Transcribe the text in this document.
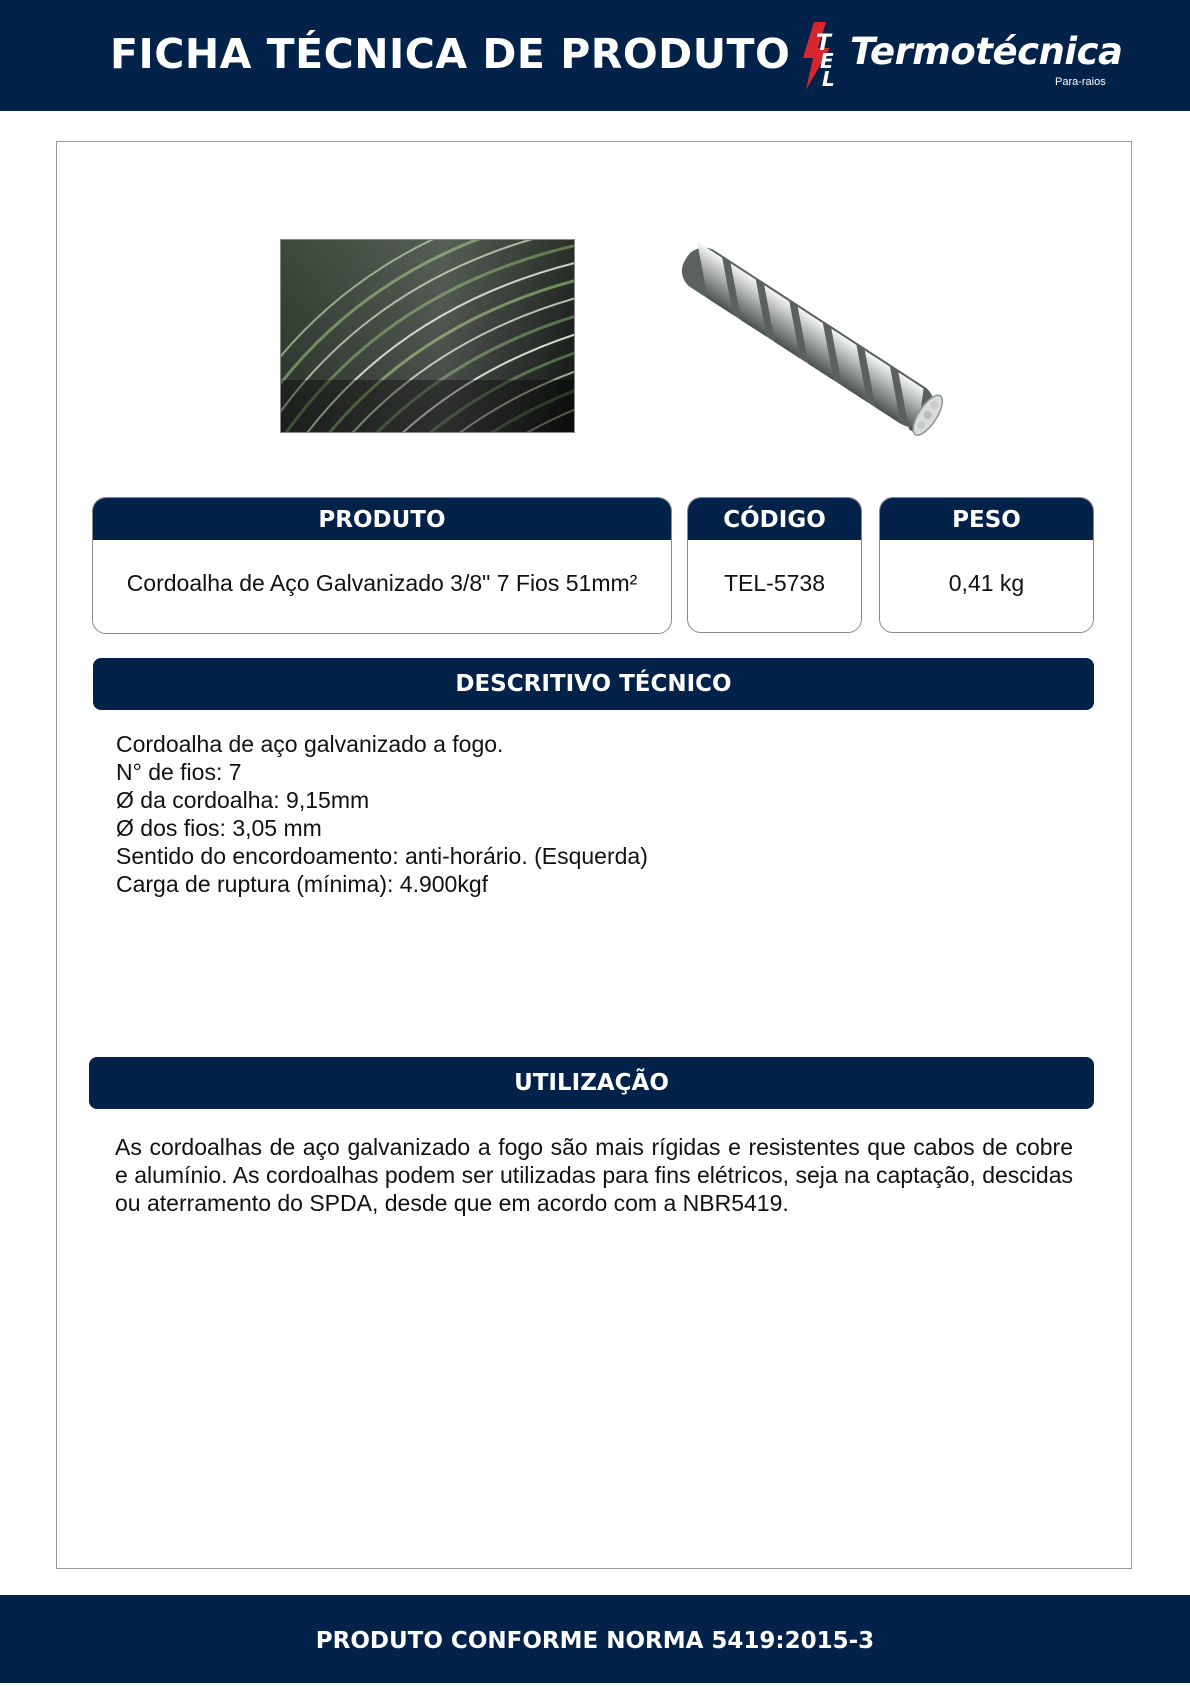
FICHA TÉCNICA DE PRODUTO T
E
L
Termotécnica
Para-raios
PRODUTO
Cordoalha de Aço Galvanizado 3/8" 7 Fios 51mm²
CÓDIGO
TEL-5738
PESO
0,41 kg
DESCRITIVO TÉCNICO
Cordoalha de aço galvanizado a fogo.
N° de fios: 7
Ø da cordoalha: 9,15mm
Ø dos fios: 3,05 mm
Sentido do encordoamento: anti-horário. (Esquerda)
Carga de ruptura (mínima): 4.900kgf
UTILIZAÇÃO

As cordoalhas de aço galvanizado a fogo são mais rígidas e resistentes que cabos de cobre e alumínio. As cordoalhas podem ser utilizadas para fins elétricos, seja na captação, descidas ou aterramento do SPDA, desde que em acordo com a NBR5419.

PRODUTO CONFORME NORMA 5419:2015-3
